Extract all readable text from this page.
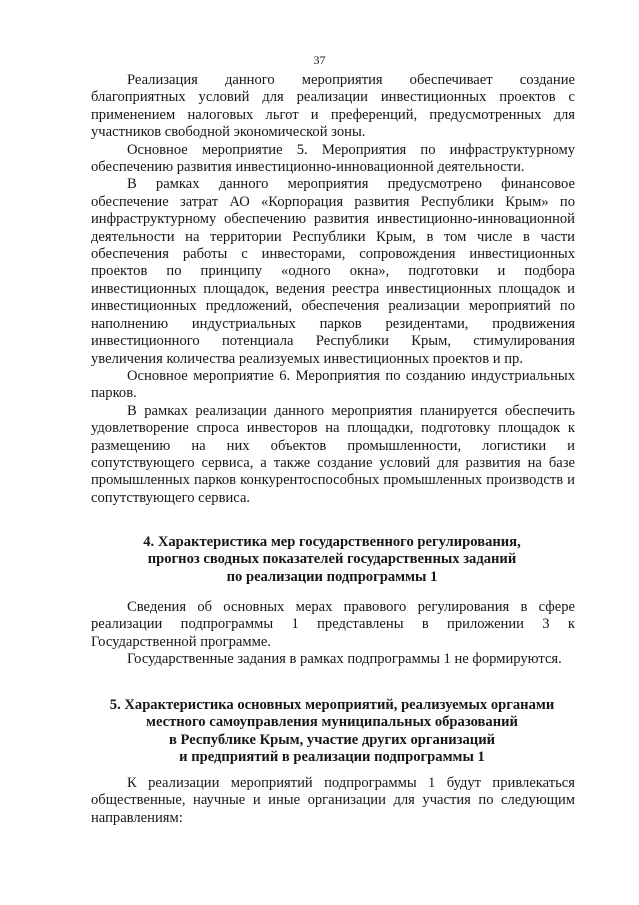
37

Реализация данного мероприятия обеспечивает создание благоприятных условий для реализации инвестиционных проектов с применением налоговых льгот и преференций, предусмотренных для участников свободной экономической зоны.

Основное мероприятие 5. Мероприятия по инфраструктурному обеспечению развития инвестиционно-инновационной деятельности.

В рамках данного мероприятия предусмотрено финансовое обеспечение затрат АО «Корпорация развития Республики Крым» по инфраструктурному обеспечению развития инвестиционно-инновационной деятельности на территории Республики Крым, в том числе в части обеспечения работы с инвесторами, сопровождения инвестиционных проектов по принципу «одного окна», подготовки и подбора инвестиционных площадок, ведения реестра инвестиционных площадок и инвестиционных предложений, обеспечения реализации мероприятий по наполнению индустриальных парков резидентами, продвижения инвестиционного потенциала Республики Крым, стимулирования увеличения количества реализуемых инвестиционных проектов и пр.

Основное мероприятие 6. Мероприятия по созданию индустриальных парков.

В рамках реализации данного мероприятия планируется обеспечить удовлетворение спроса инвесторов на площадки, подготовку площадок к размещению на них объектов промышленности, логистики и сопутствующего сервиса, а также создание условий для развития на базе промышленных парков конкурентоспособных промышленных производств и сопутствующего сервиса.

4. Характеристика мер государственного регулирования,
прогноз сводных показателей государственных заданий
по реализации подпрограммы 1

Сведения об основных мерах правового регулирования в сфере реализации подпрограммы 1 представлены в приложении 3 к Государственной программе.

Государственные задания в рамках подпрограммы 1 не формируются.

5. Характеристика основных мероприятий, реализуемых органами
местного самоуправления муниципальных образований
в Республике Крым, участие других организаций
и предприятий в реализации подпрограммы 1

К реализации мероприятий подпрограммы 1 будут привлекаться общественные, научные и иные организации для участия по следующим направлениям:
